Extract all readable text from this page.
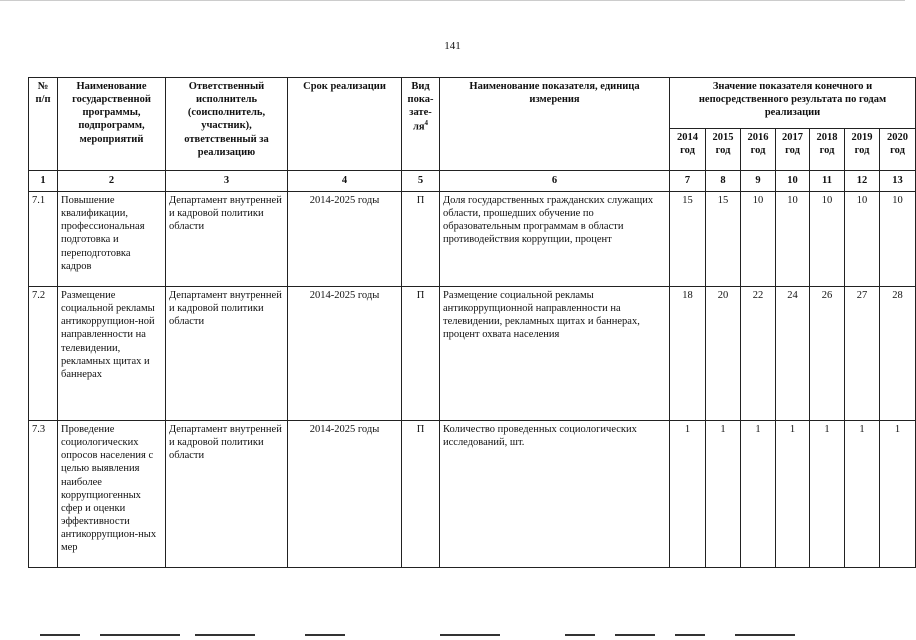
141
№ п/п	Наименование государственной программы, подпрограмм, мероприятий	Ответственный исполнитель (соисполнитель, участник), ответственный за реализацию	Срок реализации	Вид пока-$зате-ля^4$	Наименование показателя, единица измерения	Значение показателя конечного и непосредственного результата по годам реализации						
						2014 год	2015 год	2016 год	2017 год	2018 год	2019 год	2020 год
1	2	3	4	5	6	7	8	9	10	11	12	13
7.1	Повышение квалификации, профессиональная подготовка и переподготовка кадров	Департамент внутренней и кадровой политики области	2014-2025 годы	П	Доля государственных гражданских служащих области, прошедших обучение по образовательным программам в области противодействия коррупции, процент	15	15	10	10	10	10	10
7.2	Размещение социальной рекламы антикоррупцион-ной направленности на телевидении, рекламных щитах и баннерах	Департамент внутренней и кадровой политики области	2014-2025 годы	П	Размещение социальной рекламы антикоррупционной направленности на телевидении, рекламных щитах и баннерах, процент охвата населения	18	20	22	24	26	27	28
7.3	Проведение социологических опросов населения с целью выявления наиболее коррупциогенных сфер и оценки эффективности антикоррупцион-ных мер	Департамент внутренней и кадровой политики области	2014-2025 годы	П	Количество проведенных социологических исследований, шт.	1	1	1	1	1	1	1
